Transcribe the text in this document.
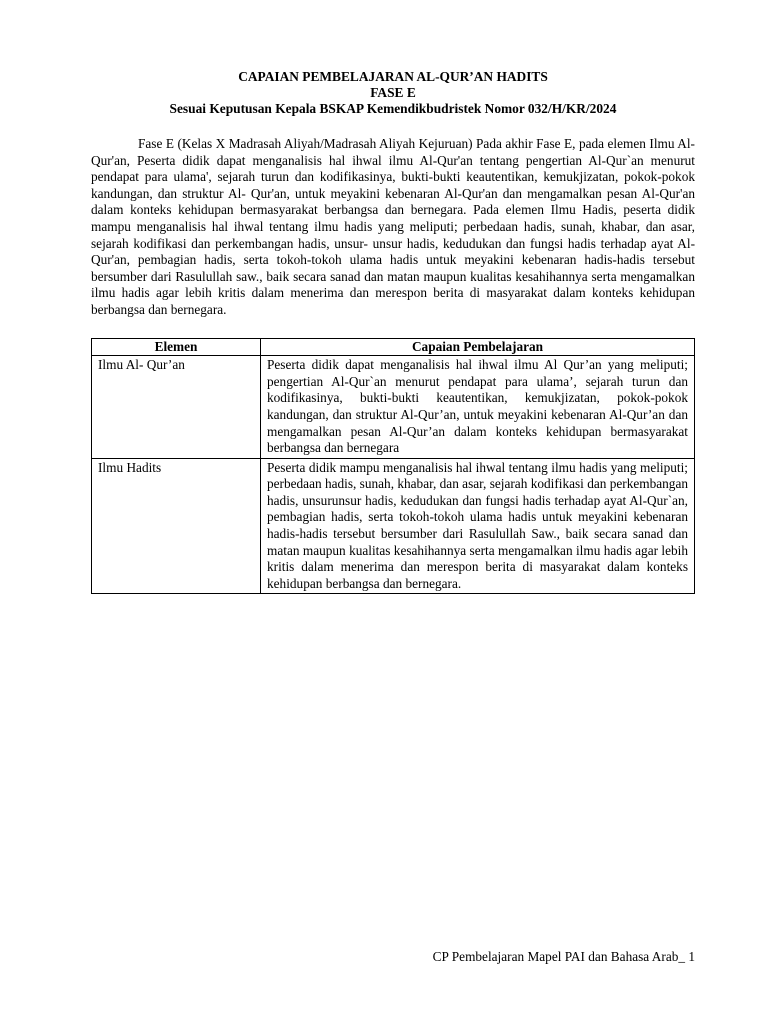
CAPAIAN PEMBELAJARAN AL-QUR’AN HADITS
FASE E
Sesuai Keputusan Kepala BSKAP Kemendikbudristek Nomor 032/H/KR/2024

Fase E (Kelas X Madrasah Aliyah/Madrasah Aliyah Kejuruan) Pada akhir Fase E, pada elemen Ilmu Al-Qur'an, Peserta didik dapat menganalisis hal ihwal ilmu Al-Qur'an tentang pengertian Al-Qur`an menurut pendapat para ulama', sejarah turun dan kodifikasinya, bukti-bukti keautentikan, kemukjizatan, pokok-pokok kandungan, dan struktur Al- Qur'an, untuk meyakini kebenaran Al-Qur'an dan mengamalkan pesan Al-Qur'an dalam konteks kehidupan bermasyarakat berbangsa dan bernegara. Pada elemen Ilmu Hadis, peserta didik mampu menganalisis hal ihwal tentang ilmu hadis yang meliputi; perbedaan hadis, sunah, khabar, dan asar, sejarah kodifikasi dan perkembangan hadis, unsur- unsur hadis, kedudukan dan fungsi hadis terhadap ayat Al- Qur'an, pembagian hadis, serta tokoh-tokoh ulama hadis untuk meyakini kebenaran hadis-hadis tersebut bersumber dari Rasulullah saw., baik secara sanad dan matan maupun kualitas kesahihannya serta mengamalkan ilmu hadis agar lebih kritis dalam menerima dan merespon berita di masyarakat dalam konteks kehidupan berbangsa dan bernegara.

Elemen	Capaian Pembelajaran
Ilmu Al- Qur’an	Peserta didik dapat menganalisis hal ihwal ilmu Al Qur’an yang meliputi; pengertian Al-Qur`an menurut pendapat para ulama’, sejarah turun dan kodifikasinya, bukti-bukti keautentikan, kemukjizatan, pokok-pokok kandungan, dan struktur Al-Qur’an, untuk meyakini kebenaran Al-Qur’an dan mengamalkan pesan Al-Qur’an dalam konteks kehidupan bermasyarakat berbangsa dan bernegara
Ilmu Hadits	Peserta didik mampu menganalisis hal ihwal tentang ilmu hadis yang meliputi; perbedaan hadis, sunah, khabar, dan asar, sejarah kodifikasi dan perkembangan hadis, unsurunsur hadis, kedudukan dan fungsi hadis terhadap ayat Al-Qur`an, pembagian hadis, serta tokoh-tokoh ulama hadis untuk meyakini kebenaran hadis-hadis tersebut bersumber dari Rasulullah Saw., baik secara sanad dan matan maupun kualitas kesahihannya serta mengamalkan ilmu hadis agar lebih kritis dalam menerima dan merespon berita di masyarakat dalam konteks kehidupan berbangsa dan bernegara.
CP Pembelajaran Mapel PAI dan Bahasa Arab_ 1
